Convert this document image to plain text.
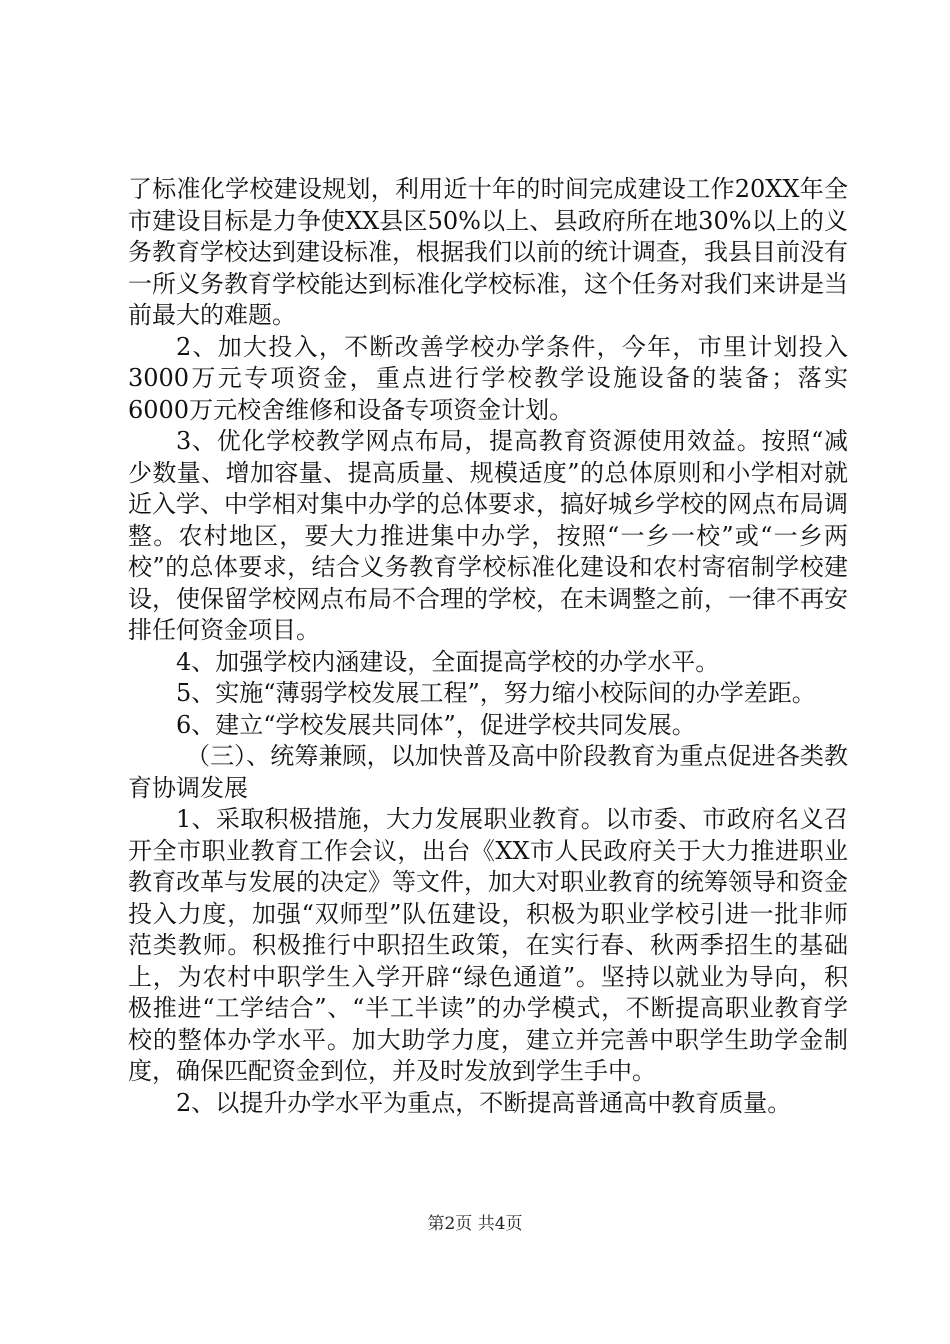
了标准化学校建设规划，利用近十年的时间完成建设工作20XX年全市建设目标是力争使XX县区50%以上、县政府所在地30%以上的义务教育学校达到建设标准，根据我们以前的统计调查，我县目前没有一所义务教育学校能达到标准化学校标准，这个任务对我们来讲是当前最大的难题。

2、加大投入，不断改善学校办学条件，今年，市里计划投入3000万元专项资金，重点进行学校教学设施设备的装备；落实6000万元校舍维修和设备专项资金计划。

3、优化学校教学网点布局，提高教育资源使用效益。按照“减少数量、增加容量、提高质量、规模适度”的总体原则和小学相对就近入学、中学相对集中办学的总体要求，搞好城乡学校的网点布局调整。农村地区，要大力推进集中办学，按照“一乡一校”或“一乡两校”的总体要求，结合义务教育学校标准化建设和农村寄宿制学校建设，使保留学校网点布局不合理的学校，在未调整之前，一律不再安排任何资金项目。

4、加强学校内涵建设，全面提高学校的办学水平。

5、实施“薄弱学校发展工程”，努力缩小校际间的办学差距。

6、建立“学校发展共同体”，促进学校共同发展。

（三）、统筹兼顾，以加快普及高中阶段教育为重点促进各类教育协调发展

1、采取积极措施，大力发展职业教育。以市委、市政府名义召开全市职业教育工作会议，出台《XX市人民政府关于大力推进职业教育改革与发展的决定》等文件，加大对职业教育的统筹领导和资金投入力度，加强“双师型”队伍建设，积极为职业学校引进一批非师范类教师。积极推行中职招生政策，在实行春、秋两季招生的基础上，为农村中职学生入学开辟“绿色通道”。坚持以就业为导向，积极推进“工学结合”、“半工半读”的办学模式，不断提高职业教育学校的整体办学水平。加大助学力度，建立并完善中职学生助学金制度，确保匹配资金到位，并及时发放到学生手中。

2、以提升办学水平为重点，不断提高普通高中教育质量。

第2页 共4页
